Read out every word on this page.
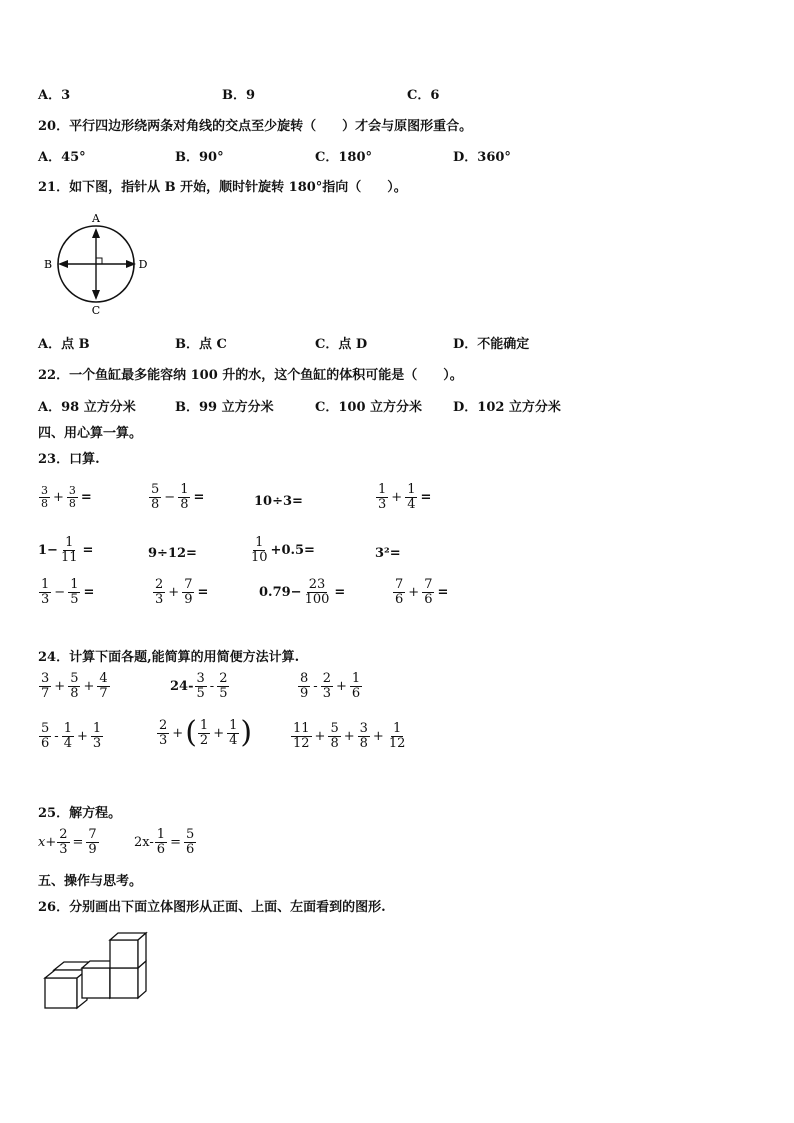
A．3	B．9	C．6
20．平行四边形绕两条对角线的交点至少旋转（　　）才会与原图形重合。
A．45°	B．90°	C．180°	D．360°
21．如下图，指针从 B 开始，顺时针旋转 180°指向（　　）。
A
B	D
C
A．点 B	B．点 C	C．点 D	D．不能确定
22．一个鱼缸最多能容纳 100 升的水，这个鱼缸的体积可能是（　　）。
A．98 立方分米	B．99 立方分米	C．100 立方分米 D．102 立方分米
四、用心算一算。
23．口算.
$\frac{3}{8} + \frac{3}{8}$ =	$\frac{5}{8} - \frac{1}{8}$ =	10÷3=	$\frac{1}{3} + \frac{1}{4}$ =
$1- \frac{1}{11}$ =	9÷12=	$\frac{1}{10} +0.5=$	3²=
$\frac{1}{3} - \frac{1}{5}$ =	$\frac{2}{3} + \frac{7}{9}$ =	$0.79- \frac{23}{100}$ =	$\frac{7}{6} + \frac{7}{6}$ =
24．计算下面各题,能简算的用简便方法计算.
$\frac{3}{7} + \frac{5}{8} + \frac{4}{7}$	$24- \frac{3}{5} - \frac{2}{5}$	$\frac{8}{9} - \frac{2}{3} + \frac{1}{6}$
$\frac{5}{6} - \frac{1}{4} + \frac{1}{3}$	$\frac{2}{3}$ + ( $\frac{1}{2} + \frac{1}{4}$ )	$\frac{11}{12} + \frac{5}{8} + \frac{3}{8} + \frac{1}{12}$
25．解方程。
$x+ \frac{2}{3} = \frac{7}{9}$	$2x- \frac{1}{6} = \frac{5}{6}$
五、操作与思考。
26．分别画出下面立体图形从正面、上面、左面看到的图形.
